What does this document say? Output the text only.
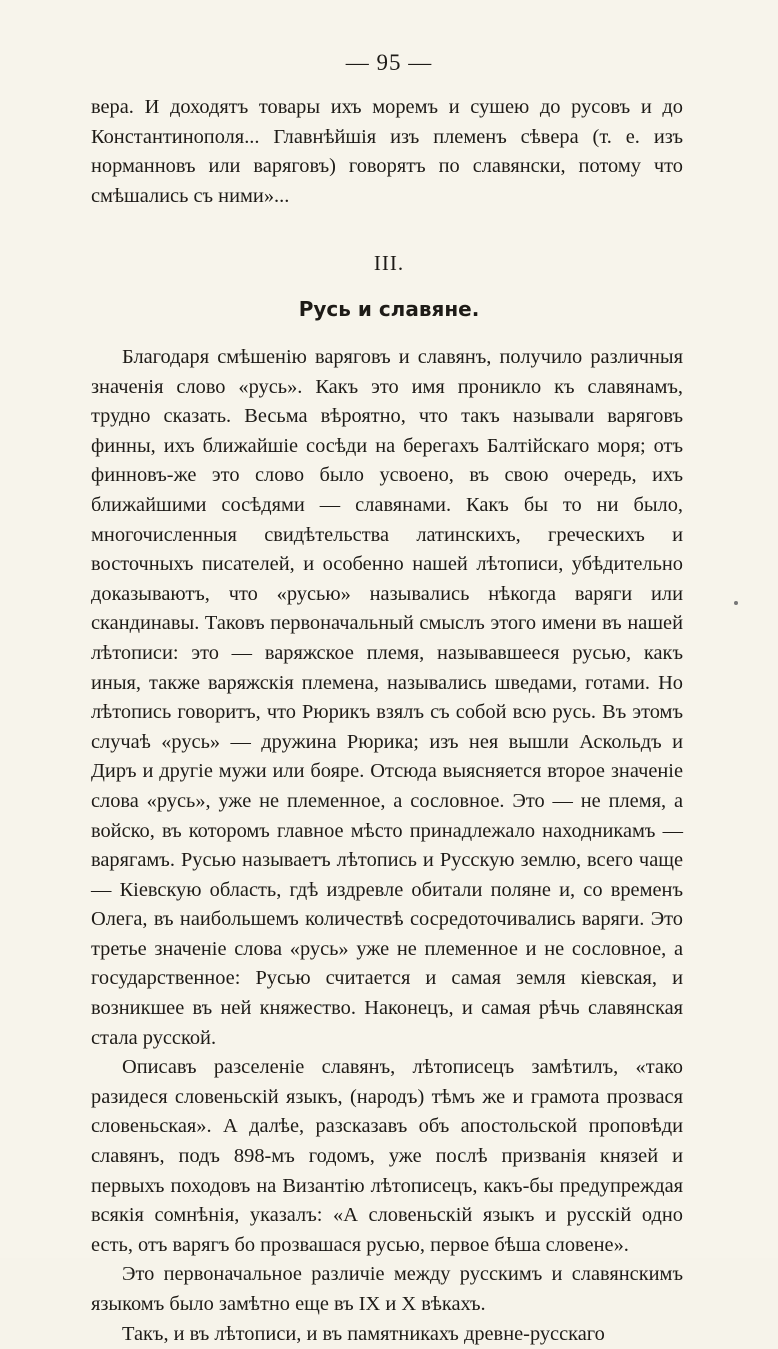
— 95 —

вера. И доходятъ товары ихъ моремъ и сушею до русовъ и до Константинополя... Главнѣйшія изъ племенъ сѣвера (т. е. изъ норманновъ или варяговъ) говорятъ по славянски, потому что смѣшались съ ними»...

III.
Русь и славяне.

Благодаря смѣшенію варяговъ и славянъ, получило различныя значенія слово «русь». Какъ это имя проникло къ славянамъ, трудно сказать. Весьма вѣроятно, что такъ называли варяговъ финны, ихъ ближайшіе сосѣди на берегахъ Балтійскаго моря; отъ финновъ-же это слово было усвоено, въ свою очередь, ихъ ближайшими сосѣдями — славянами. Какъ бы то ни было, многочисленныя свидѣтельства латинскихъ, греческихъ и восточныхъ писателей, и особенно нашей лѣтописи, убѣдительно доказываютъ, что «русью» назывались нѣкогда варяги или скандинавы. Таковъ первоначальный смыслъ этого имени въ нашей лѣтописи: это — варяжское племя, называвшееся русью, какъ иныя, также варяжскія племена, назывались шведами, готами. Но лѣтопись говоритъ, что Рюрикъ взялъ съ собой всю русь. Въ этомъ случаѣ «русь» — дружина Рюрика; изъ нея вышли Аскольдъ и Диръ и другіе мужи или бояре. Отсюда выясняется второе значеніе слова «русь», уже не племенное, а сословное. Это — не племя, а войско, въ которомъ главное мѣсто принадлежало находникамъ — варягамъ. Русью называетъ лѣтопись и Русскую землю, всего чаще — Кіевскую область, гдѣ издревле обитали поляне и, со временъ Олега, въ наибольшемъ количествѣ сосредоточивались варяги. Это третье значеніе слова «русь» уже не племенное и не сословное, а государственное: Русью считается и самая земля кіевская, и возникшее въ ней княжество. Наконецъ, и самая рѣчь славянская стала русской.

Описавъ разселеніе славянъ, лѣтописецъ замѣтилъ, «тако разидеся словеньскій языкъ, (народъ) тѣмъ же и грамота прозвася словеньская». А далѣе, разсказавъ объ апостольской проповѣди славянъ, подъ 898-мъ годомъ, уже послѣ призванія князей и первыхъ походовъ на Византію лѣтописецъ, какъ-бы предупреждая всякія сомнѣнія, указалъ: «А словеньскій языкъ и русскій одно есть, отъ варягъ бо прозвашася русью, первое бѣша словене».

Это первоначальное различіе между русскимъ и славянскимъ языкомъ было замѣтно еще въ IX и X вѣкахъ.

Такъ, и въ лѣтописи, и въ памятникахъ древне-русскаго
